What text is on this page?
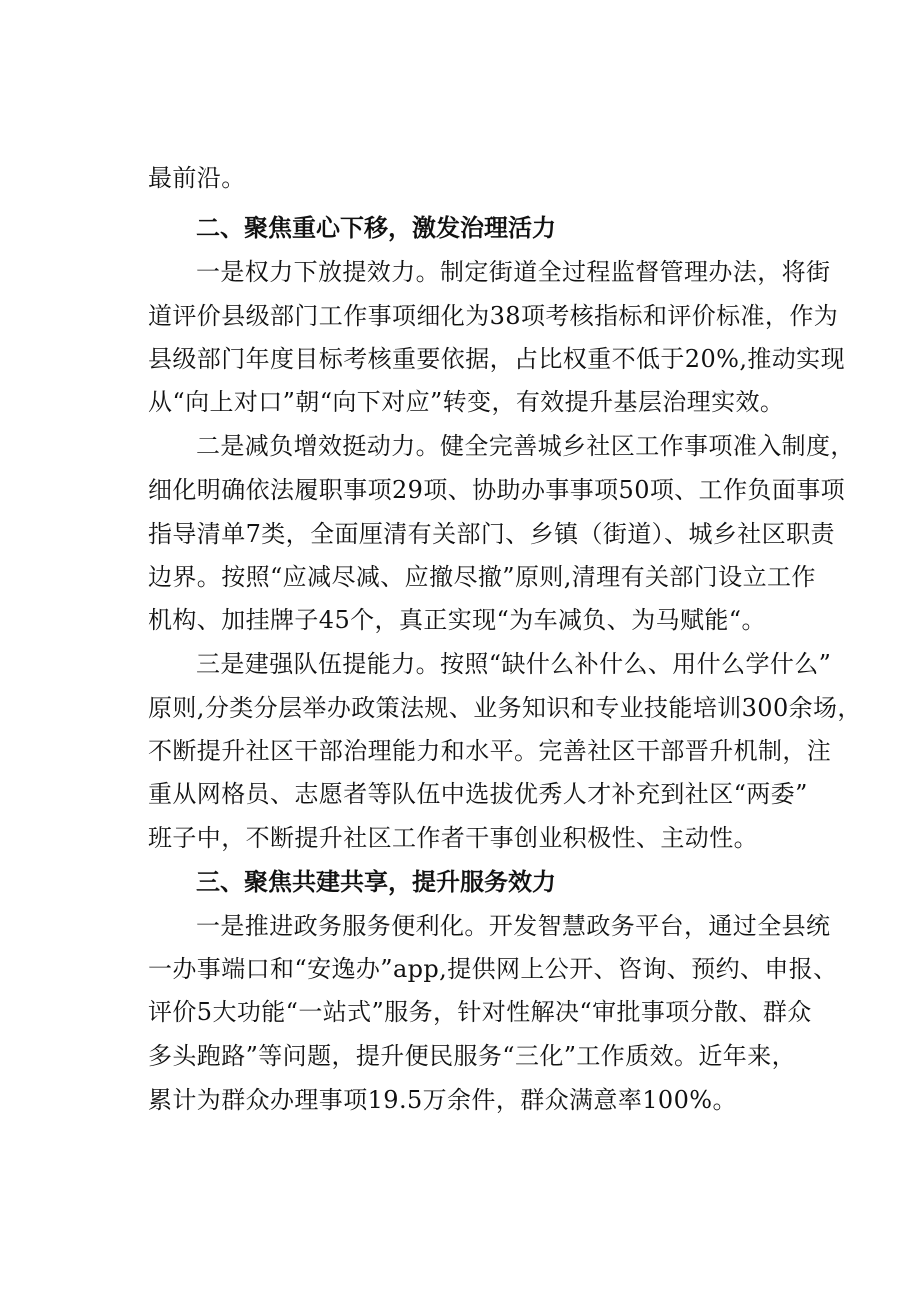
最前沿。
二、聚焦重心下移，激发治理活力
一是权力下放提效力。制定街道全过程监督管理办法，将街
道评价县级部门工作事项细化为38项考核指标和评价标准，作为
县级部门年度目标考核重要依据，占比权重不低于20%,推动实现
从“向上对口”朝“向下对应”转变，有效提升基层治理实效。
二是减负增效挺动力。健全完善城乡社区工作事项准入制度，
细化明确依法履职事项29项、协助办事事项50项、工作负面事项
指导清单7类，全面厘清有关部门、乡镇（街道）、城乡社区职责
边界。按照“应减尽减、应撤尽撤”原则,清理有关部门设立工作
机构、加挂牌子45个，真正实现“为车减负、为马赋能“。
三是建强队伍提能力。按照“缺什么补什么、用什么学什么”
原则,分类分层举办政策法规、业务知识和专业技能培训300余场，
不断提升社区干部治理能力和水平。完善社区干部晋升机制，注
重从网格员、志愿者等队伍中选拔优秀人才补充到社区“两委”
班子中，不断提升社区工作者干事创业积极性、主动性。
三、聚焦共建共享，提升服务效力
一是推进政务服务便利化。开发智慧政务平台，通过全县统
一办事端口和“安逸办”app,提供网上公开、咨询、预约、申报、
评价5大功能“一站式”服务，针对性解决“审批事项分散、群众
多头跑路”等问题，提升便民服务“三化”工作质效。近年来，
累计为群众办理事项19.5万余件，群众满意率100%。
